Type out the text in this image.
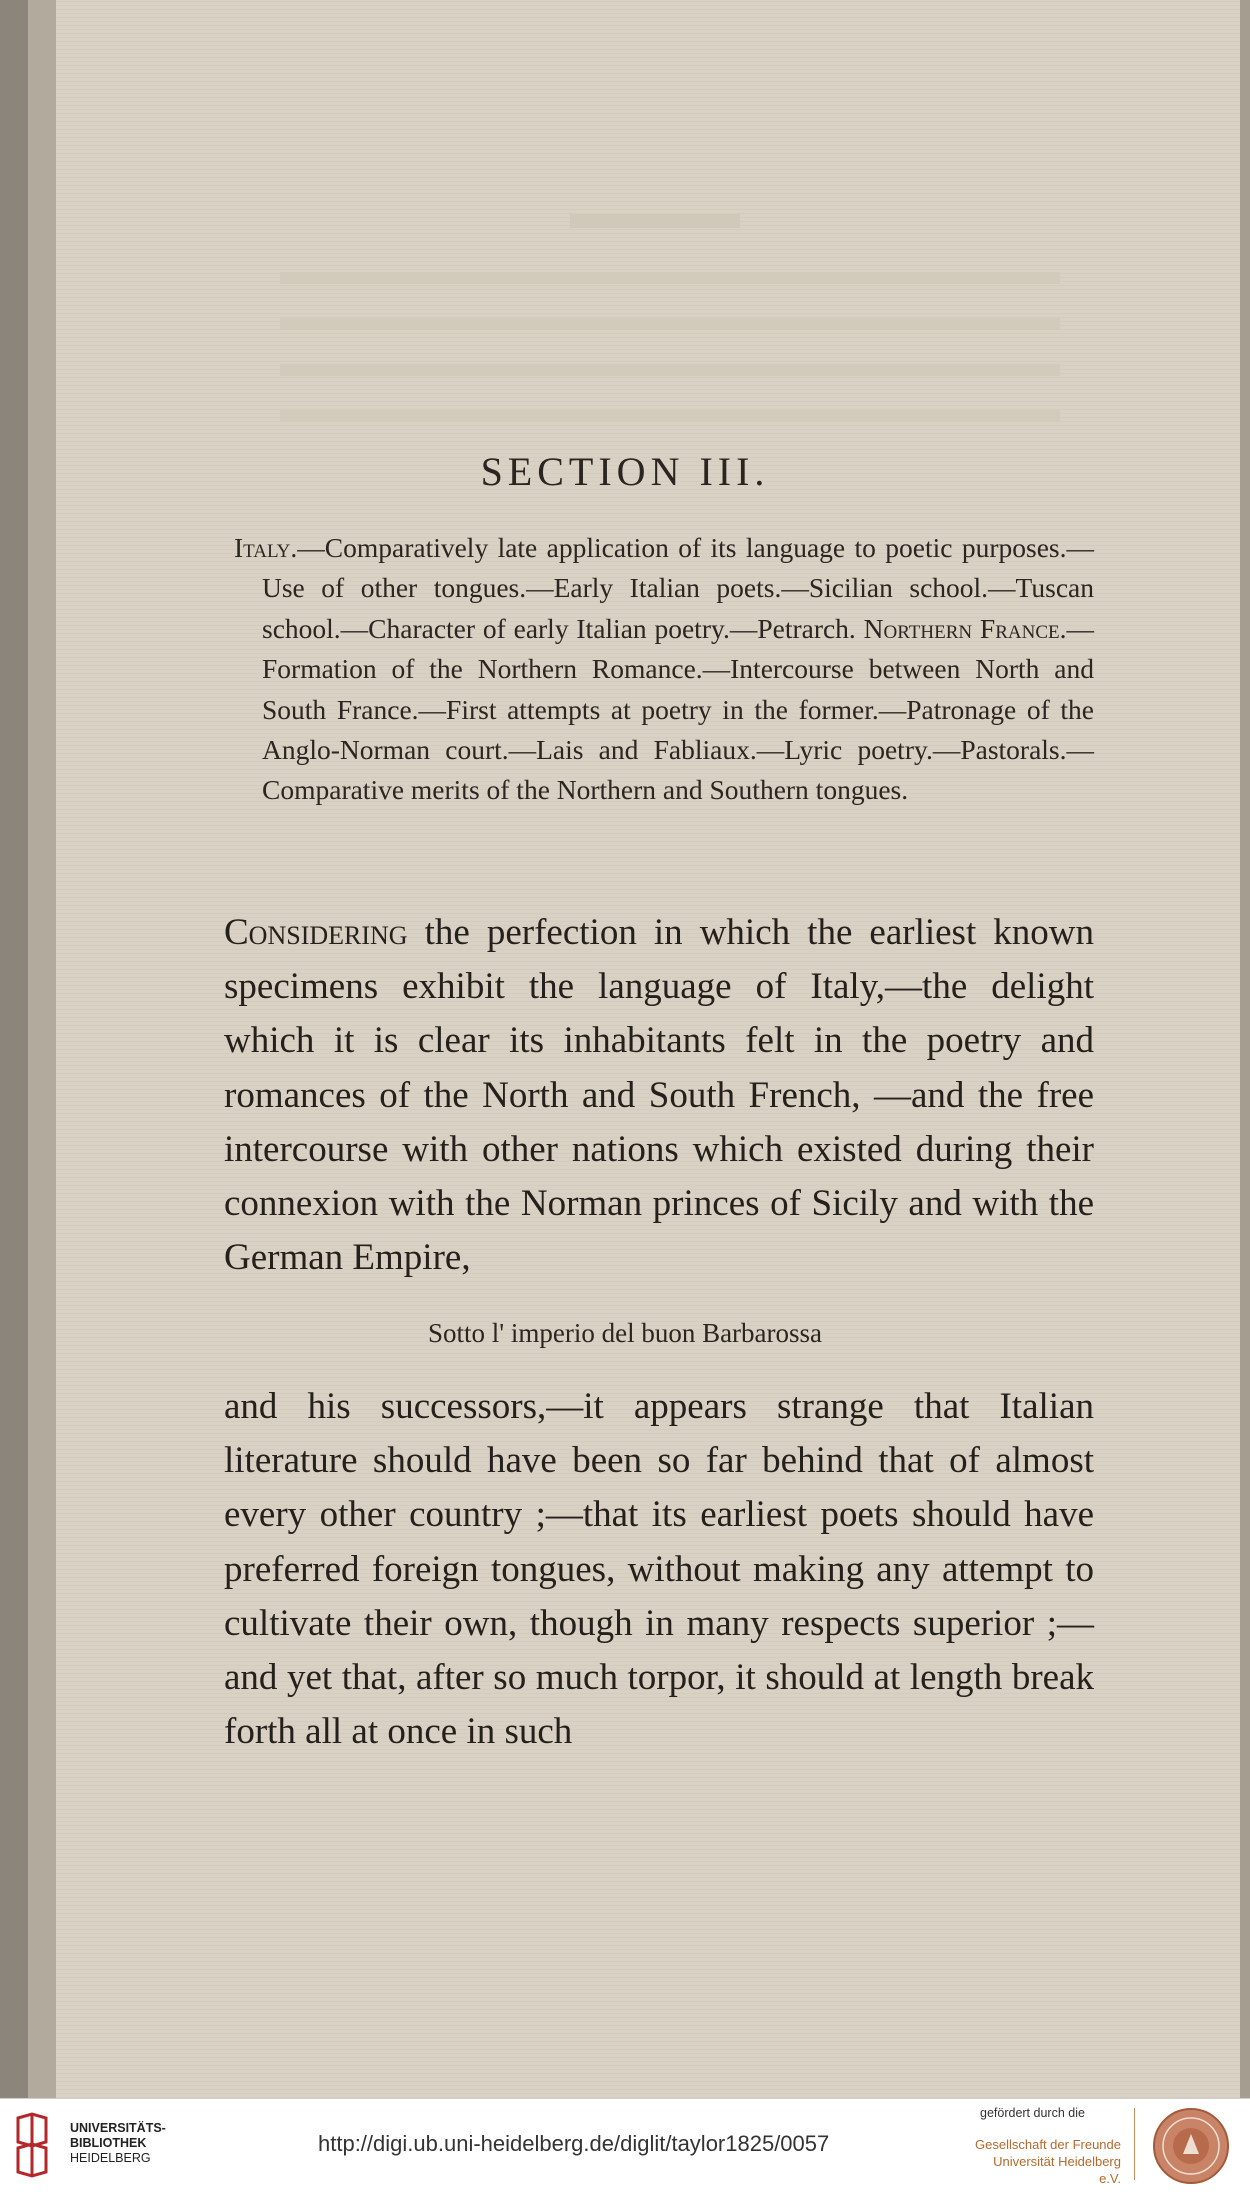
SECTION III.

Italy.—Comparatively late application of its language to poetic purposes.—Use of other tongues.—Early Italian poets.—Sicilian school.—Tuscan school.—Character of early Italian poetry.—Petrarch. Northern France.—Formation of the Northern Romance.—Intercourse between North and South France.—First attempts at poetry in the former.—Patronage of the Anglo-Norman court.—Lais and Fabliaux.—Lyric poetry.—Pastorals.—Comparative merits of the Northern and Southern tongues.

Considering the perfection in which the earliest known specimens exhibit the language of Italy,—the delight which it is clear its inhabitants felt in the poetry and romances of the North and South French, —and the free intercourse with other nations which existed during their connexion with the Norman princes of Sicily and with the German Empire,

Sotto l' imperio del buon Barbarossa

and his successors,—it appears strange that Italian literature should have been so far behind that of almost every other country ;—that its earliest poets should have preferred foreign tongues, without making any attempt to cultivate their own, though in many respects superior ;—and yet that, after so much torpor, it should at length break forth all at once in such

UNIVERSITÄTS-
BIBLIOTHEK
HEIDELBERG
http://digi.ub.uni-heidelberg.de/diglit/taylor1825/0057
gefördert durch die
Gesellschaft der Freunde
Universität Heidelberg e.V.
